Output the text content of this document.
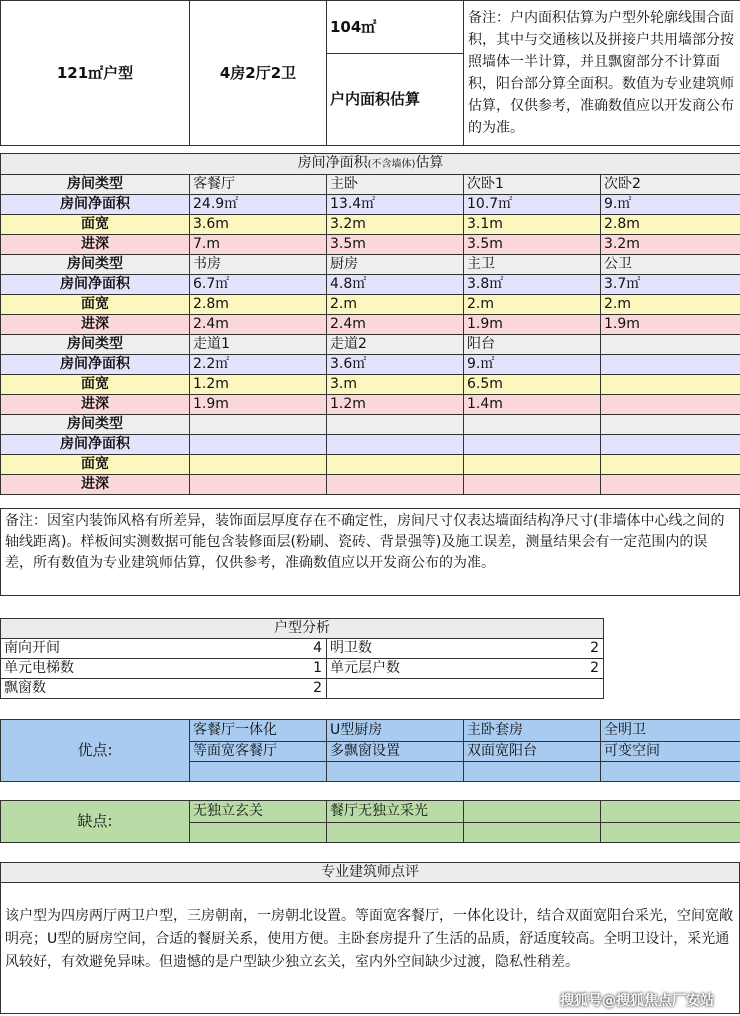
121㎡户型	4房2厅2卫	104㎡	备注：户内面积估算为户型外轮廓线围合面积，其中与交通核以及拼接户共用墙部分按照墙体一半计算，并且飘窗部分不计算面积，阳台部分算全面积。数值为专业建筑师估算，仅供参考，准确数值应以开发商公布的为准。
户内面积估算
房间净面积(不含墙体)估算				
房间类型	客餐厅	主卧	次卧1	次卧2
房间净面积	24.9㎡	13.4㎡	10.7㎡	9.㎡
面宽	3.6m	3.2m	3.1m	2.8m
进深	7.m	3.5m	3.5m	3.2m
房间类型	书房	厨房	主卫	公卫
房间净面积	6.7㎡	4.8㎡	3.8㎡	3.7㎡
面宽	2.8m	2.m	2.m	2.m
进深	2.4m	2.4m	1.9m	1.9m
房间类型	走道1	走道2	阳台	
房间净面积	2.2㎡	3.6㎡	9.㎡	
面宽	1.2m	3.m	6.5m	
进深	1.9m	1.2m	1.4m	
房间类型				
房间净面积				
面宽				
进深				
备注：因室内装饰风格有所差异，装饰面层厚度存在不确定性，房间尺寸仅表达墙面结构净尺寸(非墙体中心线之间的轴线距离)。样板间实测数据可能包含装修面层(粉刷、瓷砖、背景强等)及施工误差，测量结果会有一定范围内的误差，所有数值为专业建筑师估算，仅供参考，准确数值应以开发商公布的为准。
户型分析	
南向开间 4	明卫数 2

单元电梯数 1	单元层户数 2

飘窗数 2	

优点:	客餐厅一体化	U型厨房	主卧套房	全明卫
	等面宽客餐厅	多飘窗设置	双面宽阳台	可变空间

缺点:	无独立玄关	餐厅无独立采光		

专业建筑师点评
该户型为四房两厅两卫户型，三房朝南，一房朝北设置。等面宽客餐厅，一体化设计，结合双面宽阳台采光，空间宽敞明亮；U型的厨房空间，合适的餐厨关系，使用方便。主卧套房提升了生活的品质，舒适度较高。全明卫设计，采光通风较好，有效避免异味。但遗憾的是户型缺少独立玄关，室内外空间缺少过渡，隐私性稍差。
搜狐号@搜狐焦点厂安站
